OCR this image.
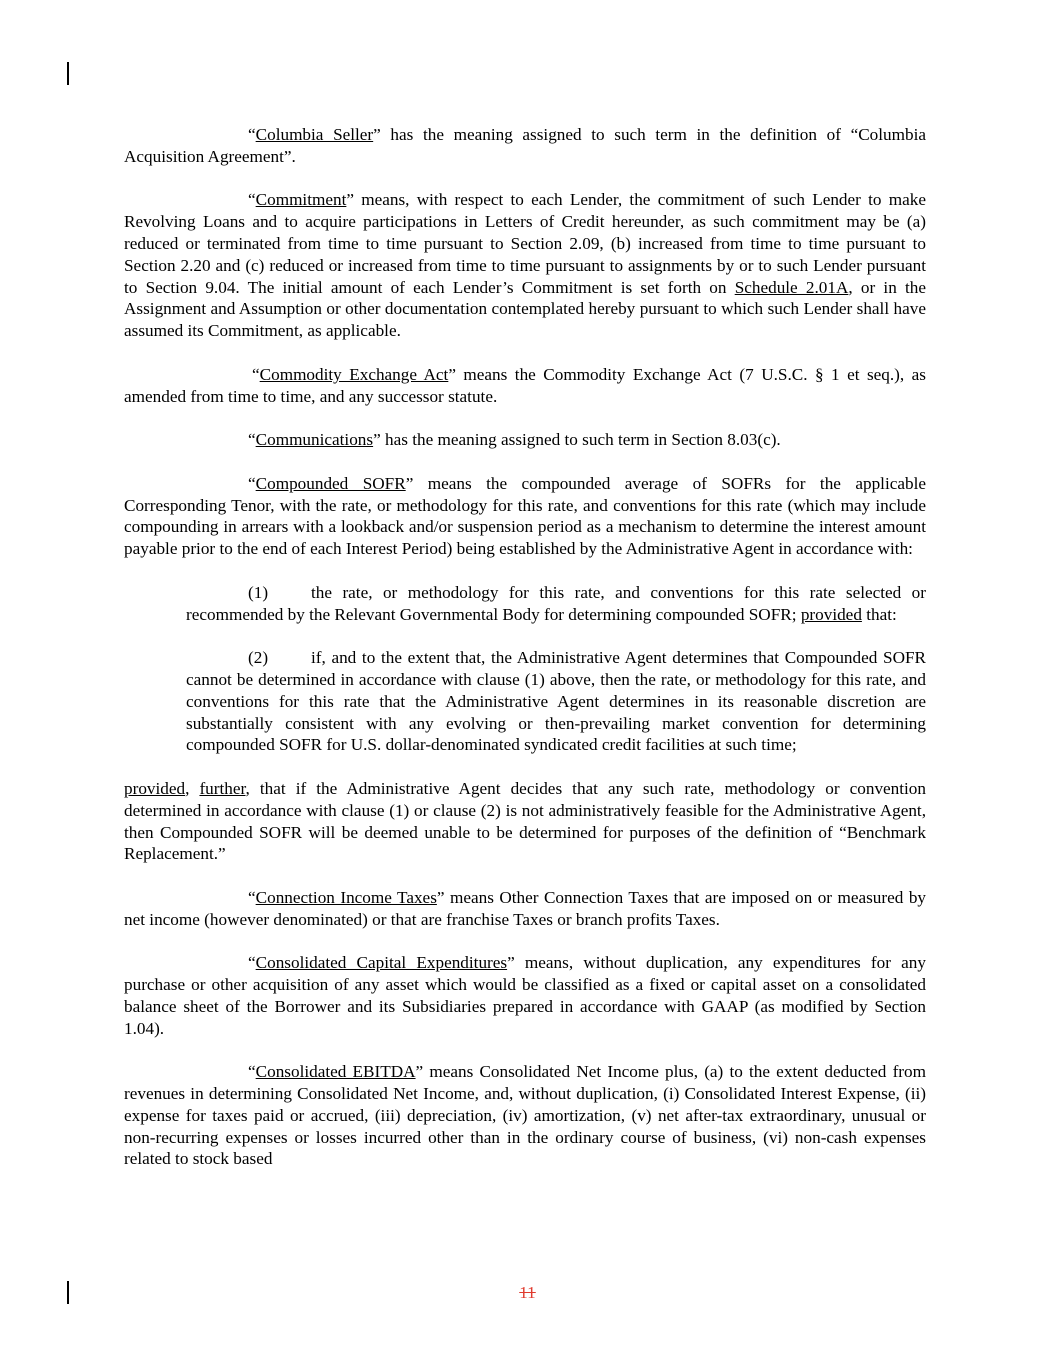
“Columbia Seller” has the meaning assigned to such term in the definition of “Columbia Acquisition Agreement”.

“Commitment” means, with respect to each Lender, the commitment of such Lender to make Revolving Loans and to acquire participations in Letters of Credit hereunder, as such commitment may be (a) reduced or terminated from time to time pursuant to Section 2.09, (b) increased from time to time pursuant to Section 2.20 and (c) reduced or increased from time to time pursuant to assignments by or to such Lender pursuant to Section 9.04. The initial amount of each Lender’s Commitment is set forth on Schedule 2.01A, or in the Assignment and Assumption or other documentation contemplated hereby pursuant to which such Lender shall have assumed its Commitment, as applicable.

“Commodity Exchange Act” means the Commodity Exchange Act (7 U.S.C. § 1 et seq.), as amended from time to time, and any successor statute.

“Communications” has the meaning assigned to such term in Section 8.03(c).

“Compounded SOFR” means the compounded average of SOFRs for the applicable Corresponding Tenor, with the rate, or methodology for this rate, and conventions for this rate (which may include compounding in arrears with a lookback and/or suspension period as a mechanism to determine the interest amount payable prior to the end of each Interest Period) being established by the Administrative Agent in accordance with:

(1) the rate, or methodology for this rate, and conventions for this rate selected or recommended by the Relevant Governmental Body for determining compounded SOFR; provided that:

(2) if, and to the extent that, the Administrative Agent determines that Compounded SOFR cannot be determined in accordance with clause (1) above, then the rate, or methodology for this rate, and conventions for this rate that the Administrative Agent determines in its reasonable discretion are substantially consistent with any evolving or then-prevailing market convention for determining compounded SOFR for U.S. dollar-denominated syndicated credit facilities at such time;

provided, further, that if the Administrative Agent decides that any such rate, methodology or convention determined in accordance with clause (1) or clause (2) is not administratively feasible for the Administrative Agent, then Compounded SOFR will be deemed unable to be determined for purposes of the definition of “Benchmark Replacement.”

“Connection Income Taxes” means Other Connection Taxes that are imposed on or measured by net income (however denominated) or that are franchise Taxes or branch profits Taxes.

“Consolidated Capital Expenditures” means, without duplication, any expenditures for any purchase or other acquisition of any asset which would be classified as a fixed or capital asset on a consolidated balance sheet of the Borrower and its Subsidiaries prepared in accordance with GAAP (as modified by Section 1.04).

“Consolidated EBITDA” means Consolidated Net Income plus, (a) to the extent deducted from revenues in determining Consolidated Net Income, and, without duplication, (i) Consolidated Interest Expense, (ii) expense for taxes paid or accrued, (iii) depreciation, (iv) amortization, (v) net after-tax extraordinary, unusual or non-recurring expenses or losses incurred other than in the ordinary course of business, (vi) non-cash expenses related to stock based

11
